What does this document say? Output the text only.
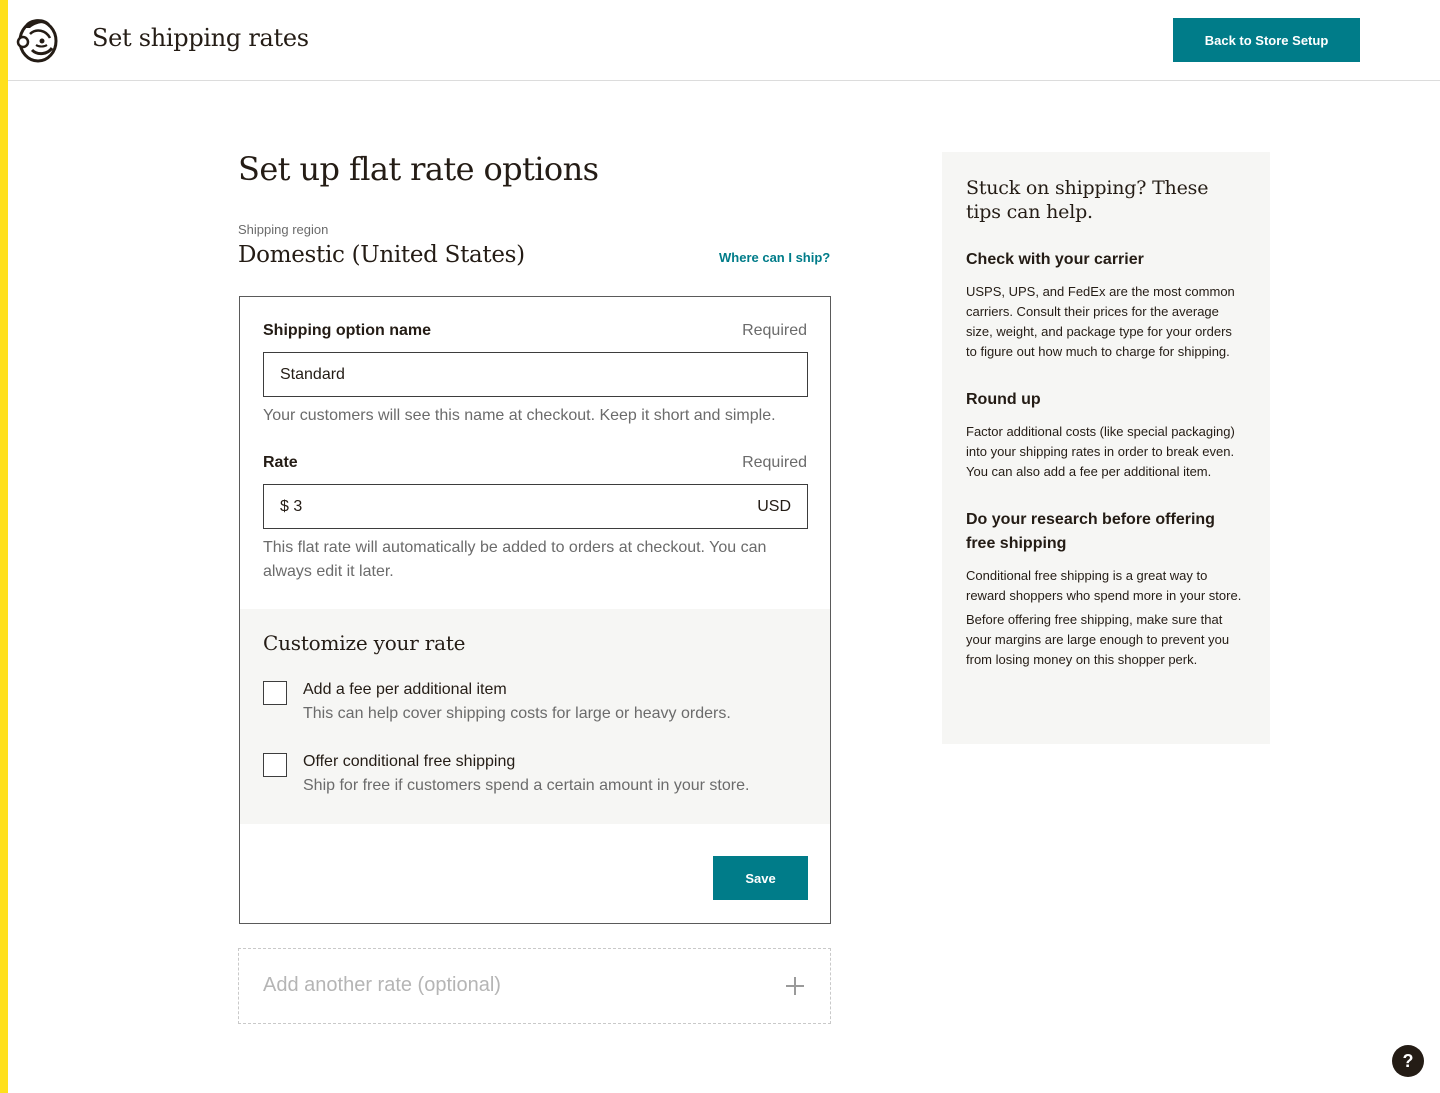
Set shipping rates	Back to Store Setup
Set up flat rate options
Shipping region
Domestic (United States)	Where can I ship?
Shipping option name	Required
Standard
Your customers will see this name at checkout. Keep it short and simple.
Rate	Required
$ 3	USD
This flat rate will automatically be added to orders at checkout. You can always edit it later.
Customize your rate
Add a fee per additional item
This can help cover shipping costs for large or heavy orders.
Offer conditional free shipping
Ship for free if customers spend a certain amount in your store.
Save
Add another rate (optional)
Stuck on shipping? These tips can help.
Check with your carrier
USPS, UPS, and FedEx are the most common carriers. Consult their prices for the average size, weight, and package type for your orders to figure out how much to charge for shipping.
Round up
Factor additional costs (like special packaging) into your shipping rates in order to break even. You can also add a fee per additional item.
Do your research before offering free shipping
Conditional free shipping is a great way to reward shoppers who spend more in your store.
Before offering free shipping, make sure that your margins are large enough to prevent you from losing money on this shopper perk.
?
